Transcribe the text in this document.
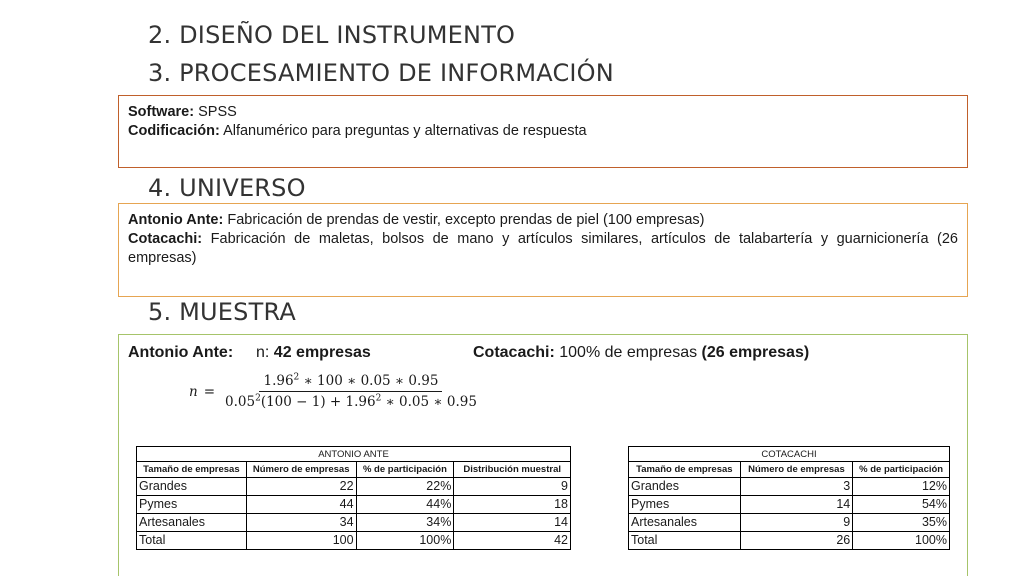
2. DISEÑO DEL INSTRUMENTO
3. PROCESAMIENTO DE INFORMACIÓN
Software: SPSS
Codificación: Alfanumérico para preguntas y alternativas de respuesta
4. UNIVERSO
Antonio Ante: Fabricación de prendas de vestir, excepto prendas de piel (100 empresas)
Cotacachi: Fabricación de maletas, bolsos de mano y artículos similares, artículos de talabartería y guarnicionería (26 empresas)
5. MUESTRA
Antonio Ante: n: 42 empresas	Cotacachi: 100% de empresas (26 empresas)
$n = \frac{1.96^2 ∗ 100 ∗ 0.05 ∗ 0.95}{0.05^2(100 - 1) + 1.96^2 ∗ 0.05 ∗ 0.95}$
ANTONIO ANTE			
Tamaño de empresas	Número de empresas	% de participación	Distribución muestral
Grandes	22	22%	9
Pymes	44	44%	18
Artesanales	34	34%	14
Total	100	100%	42
COTACACHI		
Tamaño de empresas	Número de empresas	% de participación
Grandes	3	12%
Pymes	14	54%
Artesanales	9	35%
Total	26	100%
